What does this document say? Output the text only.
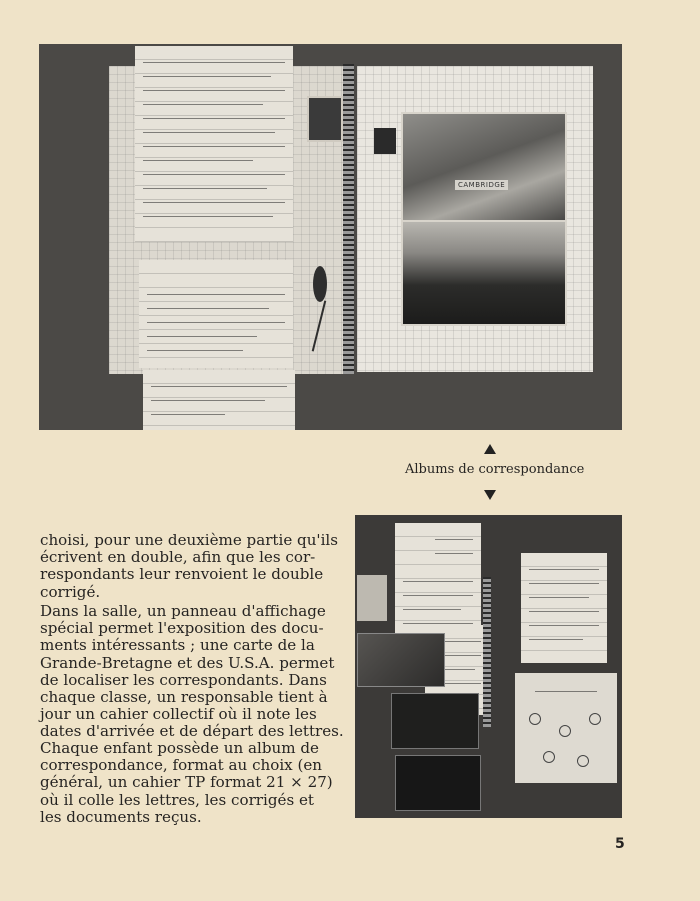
CAMBRIDGE
Albums de correspondance

choisi, pour une deuxième partie qu'ils
écrivent en double, afin que les cor-
respondants leur renvoient le double
corrigé.

Dans la salle, un panneau d'affichage
spécial permet l'exposition des docu-
ments intéressants ; une carte de la
Grande-Bretagne et des U.S.A. permet
de localiser les correspondants. Dans
chaque classe, un responsable tient à
jour un cahier collectif où il note les
dates d'arrivée et de départ des lettres.

Chaque enfant possède un album de
correspondance, format au choix (en
général, un cahier TP format 21 × 27)
où il colle les lettres, les corrigés et
les documents reçus.

5
